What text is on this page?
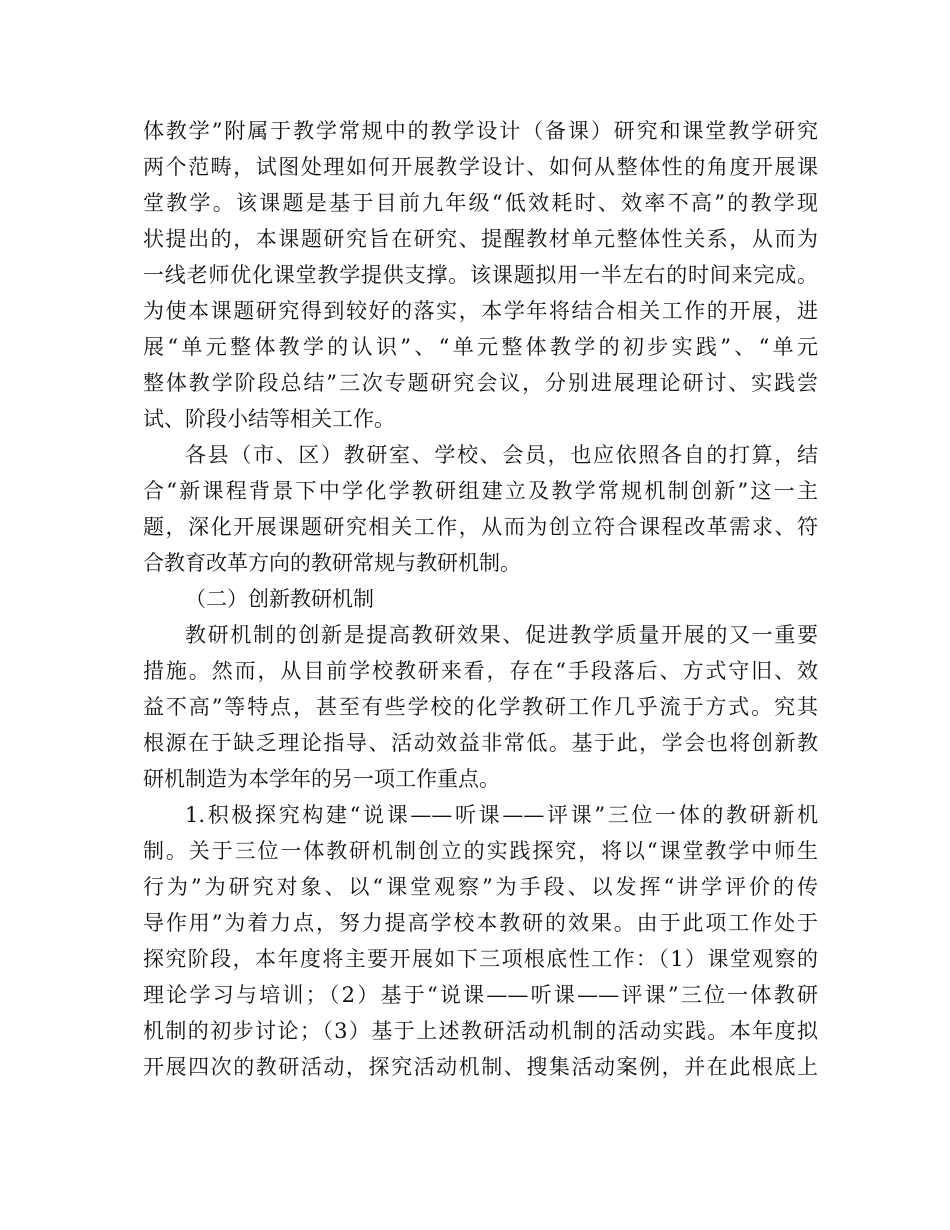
体教学”附属于教学常规中的教学设计（备课）研究和课堂教学研究
两个范畴，试图处理如何开展教学设计、如何从整体性的角度开展课
堂教学。该课题是基于目前九年级“低效耗时、效率不高”的教学现
状提出的，本课题研究旨在研究、提醒教材单元整体性关系，从而为
一线老师优化课堂教学提供支撑。该课题拟用一半左右的时间来完成。
为使本课题研究得到较好的落实，本学年将结合相关工作的开展，进
展“单元整体教学的认识”、“单元整体教学的初步实践”、“单元
整体教学阶段总结”三次专题研究会议，分别进展理论研讨、实践尝
试、阶段小结等相关工作。
各县（市、区）教研室、学校、会员，也应依照各自的打算，结
合“新课程背景下中学化学教研组建立及教学常规机制创新”这一主
题，深化开展课题研究相关工作，从而为创立符合课程改革需求、符
合教育改革方向的教研常规与教研机制。
（二）创新教研机制
教研机制的创新是提高教研效果、促进教学质量开展的又一重要
措施。然而，从目前学校教研来看，存在“手段落后、方式守旧、效
益不高”等特点，甚至有些学校的化学教研工作几乎流于方式。究其
根源在于缺乏理论指导、活动效益非常低。基于此，学会也将创新教
研机制造为本学年的另一项工作重点。
1.积极探究构建“说课——听课——评课”三位一体的教研新机
制。关于三位一体教研机制创立的实践探究，将以“课堂教学中师生
行为”为研究对象、以“课堂观察”为手段、以发挥“讲学评价的传
导作用”为着力点，努力提高学校本教研的效果。由于此项工作处于
探究阶段，本年度将主要开展如下三项根底性工作：（1）课堂观察的
理论学习与培训；（2）基于“说课——听课——评课”三位一体教研
机制的初步讨论；（3）基于上述教研活动机制的活动实践。本年度拟
开展四次的教研活动，探究活动机制、搜集活动案例，并在此根底上
